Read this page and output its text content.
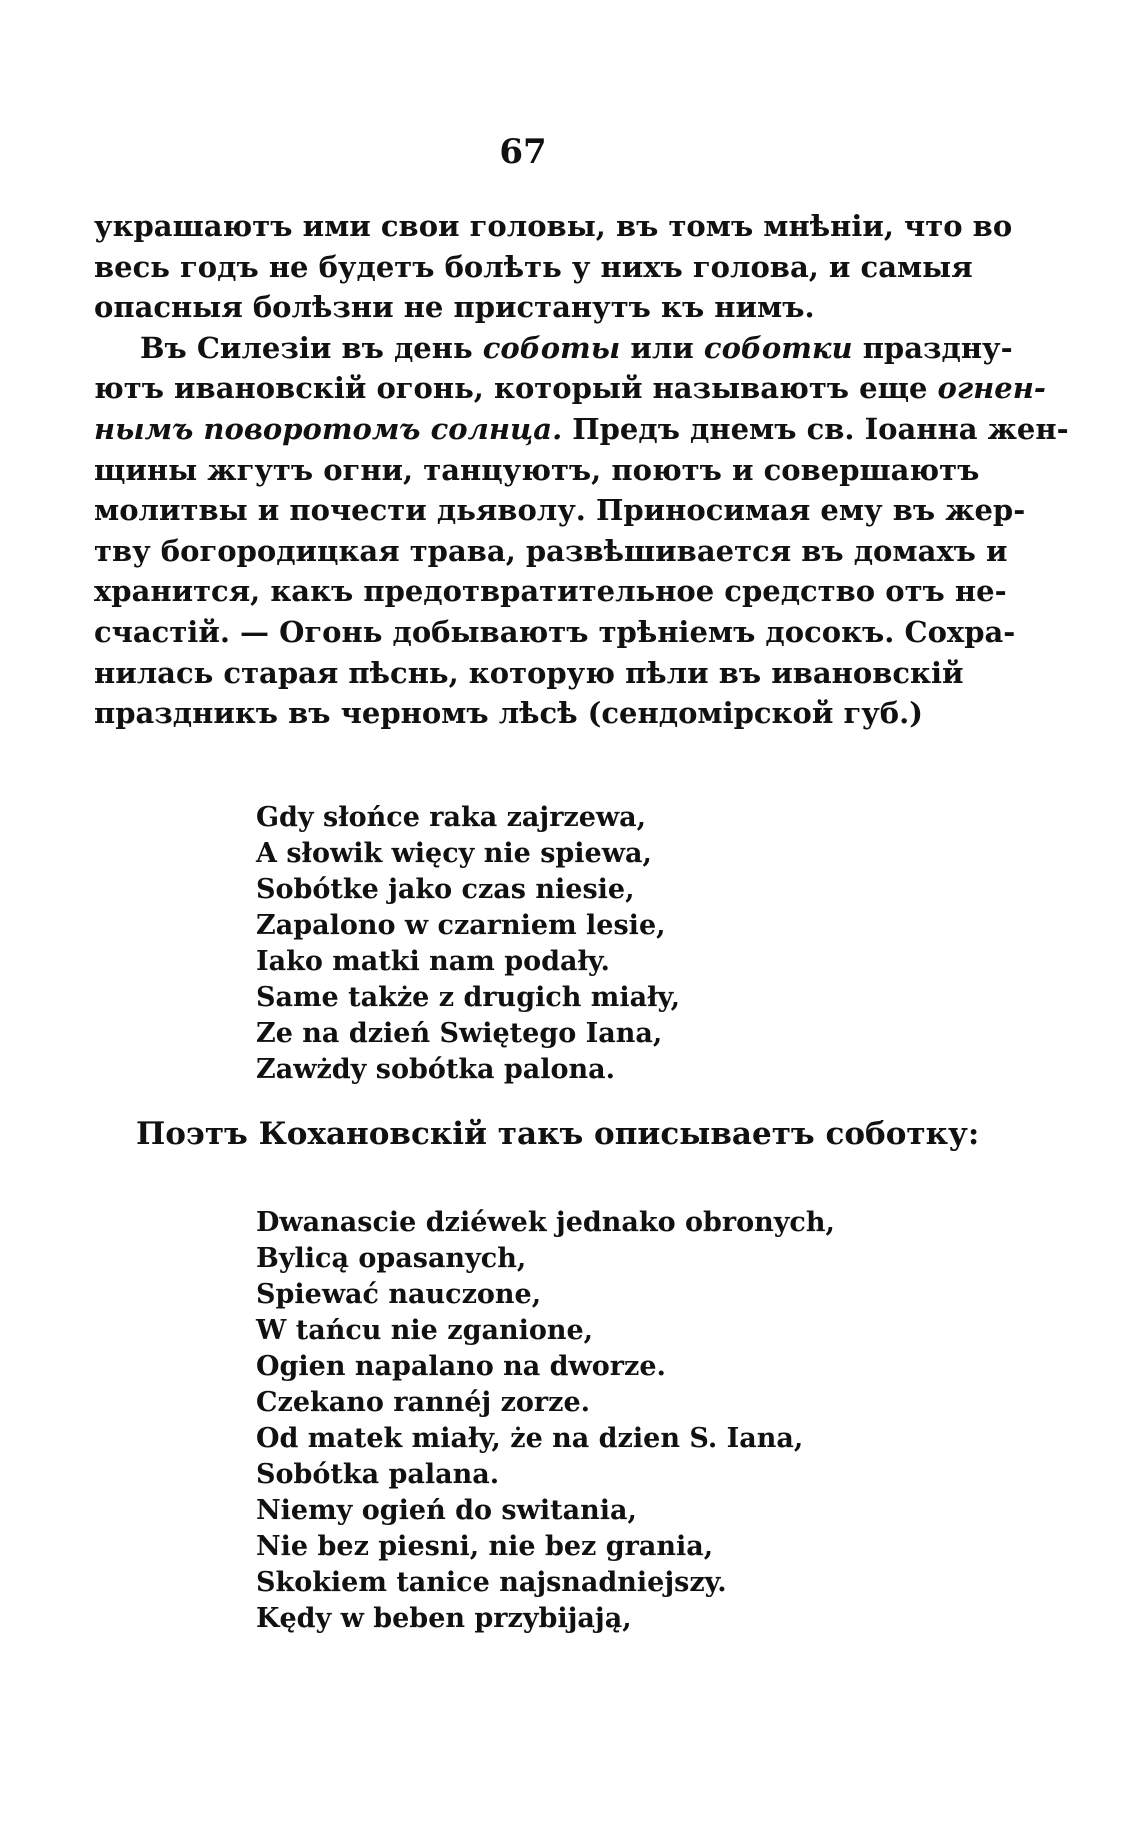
67
украшаютъ ими свои головы, въ томъ мнѣніи, что во
весь годъ не будетъ болѣть у нихъ голова, и самыя
опасныя болѣзни не пристанутъ къ нимъ.
Въ Силезіи въ день соботы или соботки праздну-
ютъ ивановскій огонь, который называютъ еще огнен-
нымъ поворотомъ солнца. Предъ днемъ св. Іоанна жен-
щины жгутъ огни, танцуютъ, поютъ и совершаютъ
молитвы и почести дьяволу. Приносимая ему въ жер-
тву богородицкая трава, развѣшивается въ домахъ и
хранится, какъ предотвратительное средство отъ не-
счастій. — Огонь добываютъ трѣніемъ досокъ. Сохра-
нилась старая пѣснь, которую пѣли въ ивановскій
праздникъ въ черномъ лѣсѣ (сендомірской губ.)
Gdy słońce raka zajrzewa,
A słowik więcy nie spiewa,
Sobótke jako czas niesie,
Zapalono w czarniem lesie,
Iako matki nam podały.
Same także z drugich miały,
Ze na dzień Swiętego Iana,
Zawżdy sobótka palona.
Поэтъ Кохановскій такъ описываетъ соботку:
Dwanascie dziéwek jednako obronych,
Bylicą opasanych,
Spiewać nauczone,
W tańcu nie zganione,
Ogien napalano na dworze.
Czekano rannéj zorze.
Od matek miały, że na dzien S. Iana,
Sobótka palana.
Niemy ogień do switania,
Nie bez piesni, nie bez grania,
Skokiem tanice najsnadniejszy.
Kędy w beben przybijają,
